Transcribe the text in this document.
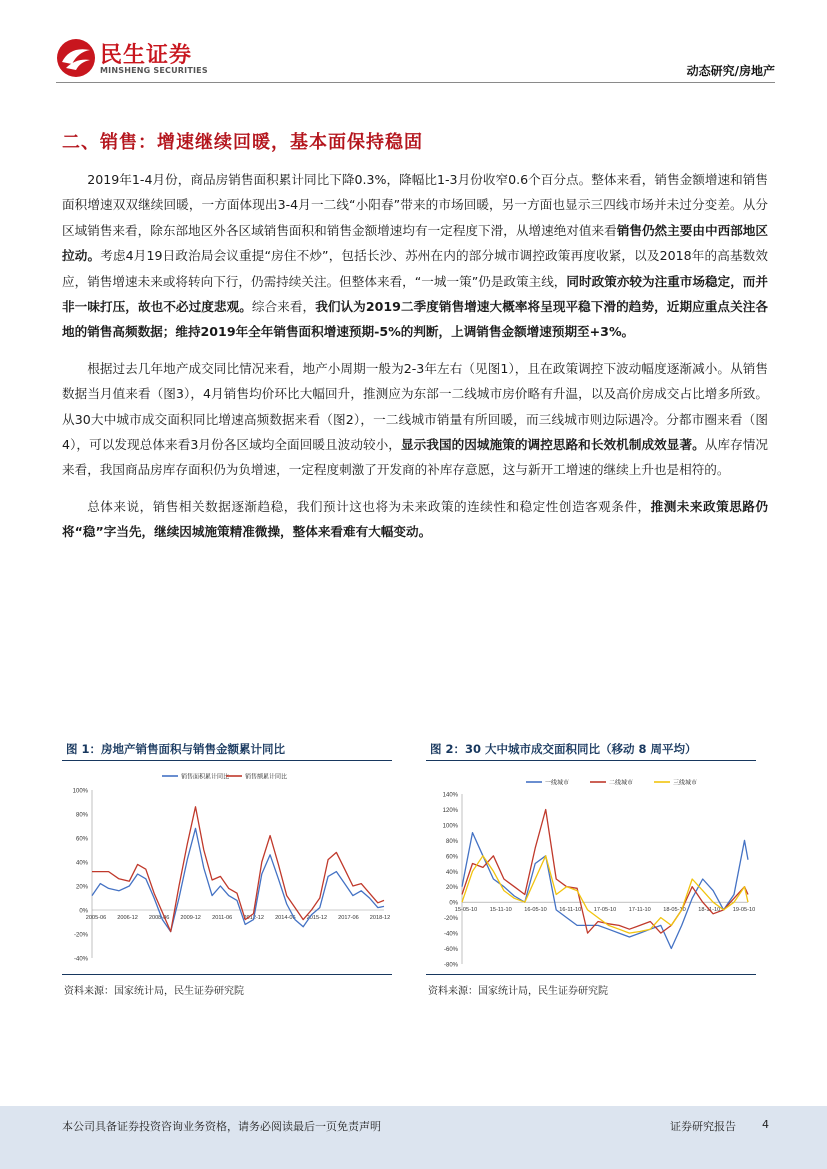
民生证券
MINSHENG SECURITIES	动态研究/房地产
二、销售：增速继续回暖，基本面保持稳固

2019年1-4月份，商品房销售面积累计同比下降0.3%，降幅比1-3月份收窄0.6个百分点。整体来看，销售金额增速和销售面积增速双双继续回暖，一方面体现出3-4月一二线“小阳春”带来的市场回暖，另一方面也显示三四线市场并未过分变差。从分区域销售来看，除东部地区外各区域销售面积和销售金额增速均有一定程度下滑，从增速绝对值来看销售仍然主要由中西部地区拉动。考虑4月19日政治局会议重提“房住不炒”，包括长沙、苏州在内的部分城市调控政策再度收紧，以及2018年的高基数效应，销售增速未来或将转向下行，仍需持续关注。但整体来看，“一城一策”仍是政策主线，同时政策亦较为注重市场稳定，而并非一味打压，故也不必过度悲观。综合来看，我们认为2019二季度销售增速大概率将呈现平稳下滑的趋势，近期应重点关注各地的销售高频数据；维持2019年全年销售面积增速预期-5%的判断，上调销售金额增速预期至+3%。

根据过去几年地产成交同比情况来看，地产小周期一般为2-3年左右（见图1），且在政策调控下波动幅度逐渐减小。从销售数据当月值来看（图3），4月销售均价环比大幅回升，推测应为东部一二线城市房价略有升温，以及高价房成交占比增多所致。从30大中城市成交面积同比增速高频数据来看（图2），一二线城市销量有所回暖，而三线城市则边际遇冷。分都市圈来看（图4），可以发现总体来看3月份各区域均全面回暖且波动较小，显示我国的因城施策的调控思路和长效机制成效显著。从库存情况来看，我国商品房库存面积仍为负增速，一定程度刺激了开发商的补库存意愿，这与新开工增速的继续上升也是相符的。

总体来说，销售相关数据逐渐趋稳，我们预计这也将为未来政策的连续性和稳定性创造客观条件，推测未来政策思路仍将“稳”字当先，继续因城施策精准微操，整体来看难有大幅变动。

图 1：房地产销售面积与销售金额累计同比
100%
80%
60%
40%
20%
0%
-20%
-40%
2005-06 2006-12 2008-06 2009-12 2011-06 2012-12 2014-06 2015-12 2017-06 2018-12
销售面积累计同比	销售额累计同比
资料来源：国家统计局，民生证券研究院
图 2：30 大中城市成交面积同比（移动 8 周平均）
140%
120%
100%
80%
60%
40%
20%
0%
-20%
-40%
-60%
-80%
15-05-10 15-11-10 16-05-10 16-11-10 17-05-10 17-11-10 18-05-10 18-11-10 19-05-10
一线城市	二线城市	三线城市
资料来源：国家统计局，民生证券研究院
本公司具备证券投资咨询业务资格，请务必阅读最后一页免责声明	证券研究报告 4
